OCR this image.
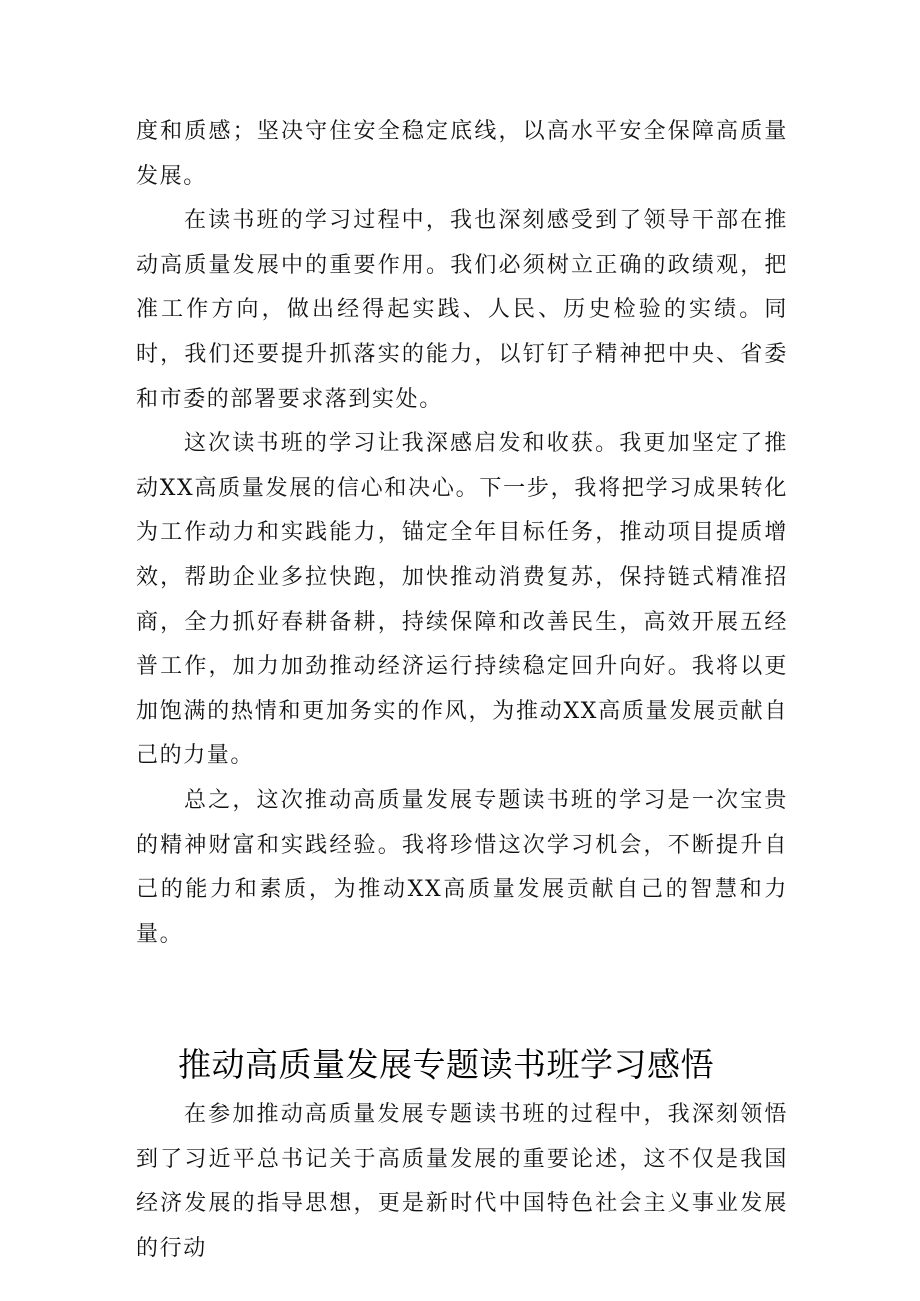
度和质感；坚决守住安全稳定底线，以高水平安全保障高质量发展。

在读书班的学习过程中，我也深刻感受到了领导干部在推动高质量发展中的重要作用。我们必须树立正确的政绩观，把准工作方向，做出经得起实践、人民、历史检验的实绩。同时，我们还要提升抓落实的能力，以钉钉子精神把中央、省委和市委的部署要求落到实处。

这次读书班的学习让我深感启发和收获。我更加坚定了推动XX高质量发展的信心和决心。下一步，我将把学习成果转化为工作动力和实践能力，锚定全年目标任务，推动项目提质增效，帮助企业多拉快跑，加快推动消费复苏，保持链式精准招商，全力抓好春耕备耕，持续保障和改善民生，高效开展五经普工作，加力加劲推动经济运行持续稳定回升向好。我将以更加饱满的热情和更加务实的作风，为推动XX高质量发展贡献自己的力量。

总之，这次推动高质量发展专题读书班的学习是一次宝贵的精神财富和实践经验。我将珍惜这次学习机会，不断提升自己的能力和素质，为推动XX高质量发展贡献自己的智慧和力量。

推动高质量发展专题读书班学习感悟

在参加推动高质量发展专题读书班的过程中，我深刻领悟到了习近平总书记关于高质量发展的重要论述，这不仅是我国经济发展的指导思想，更是新时代中国特色社会主义事业发展的行动
